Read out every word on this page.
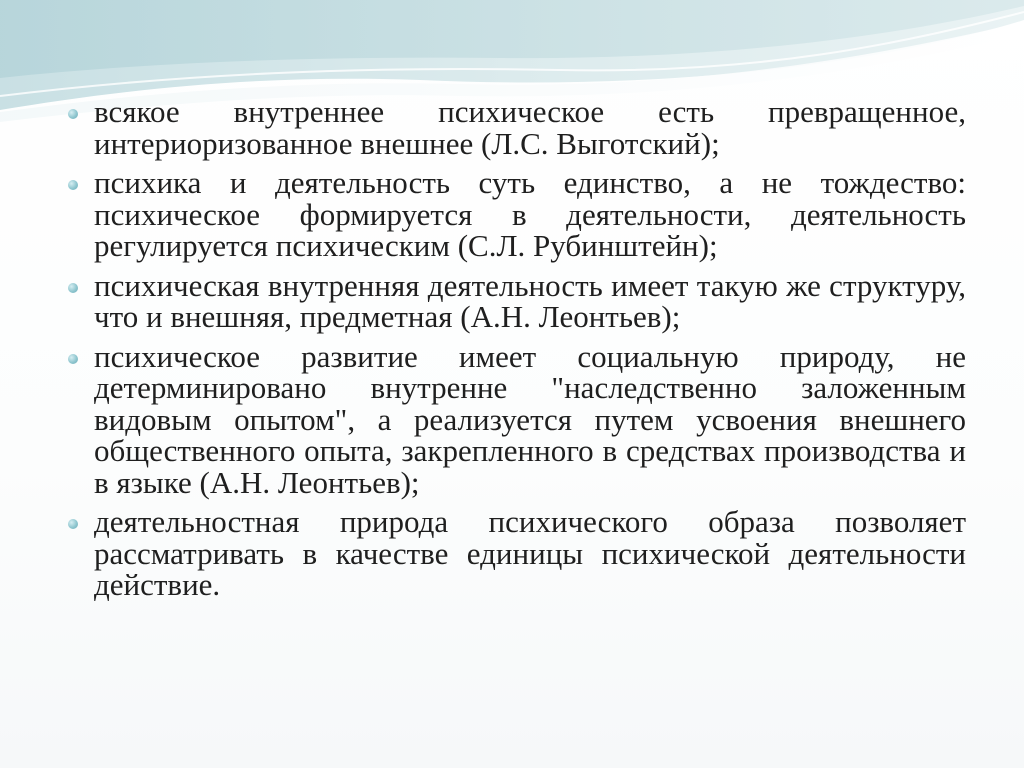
всякое внутреннее психическое есть превращенное, интериоризованное внешнее (Л.С. Выготский);
психика и деятельность суть единство, а не тождество: психическое формируется в деятельности, деятельность регулируется психическим (С.Л. Рубинштейн);
психическая внутренняя деятельность имеет такую же структуру, что и внешняя, предметная (А.Н. Леонтьев);
психическое развитие имеет социальную природу, не детерминировано внутренне "наследственно заложенным видовым опытом", а реализуется путем усвоения внешнего общественного опыта, закрепленного в средствах производства и в языке (А.Н. Леонтьев);
деятельностная природа психического образа позволяет рассматривать в качестве единицы психической деятельности действие.
